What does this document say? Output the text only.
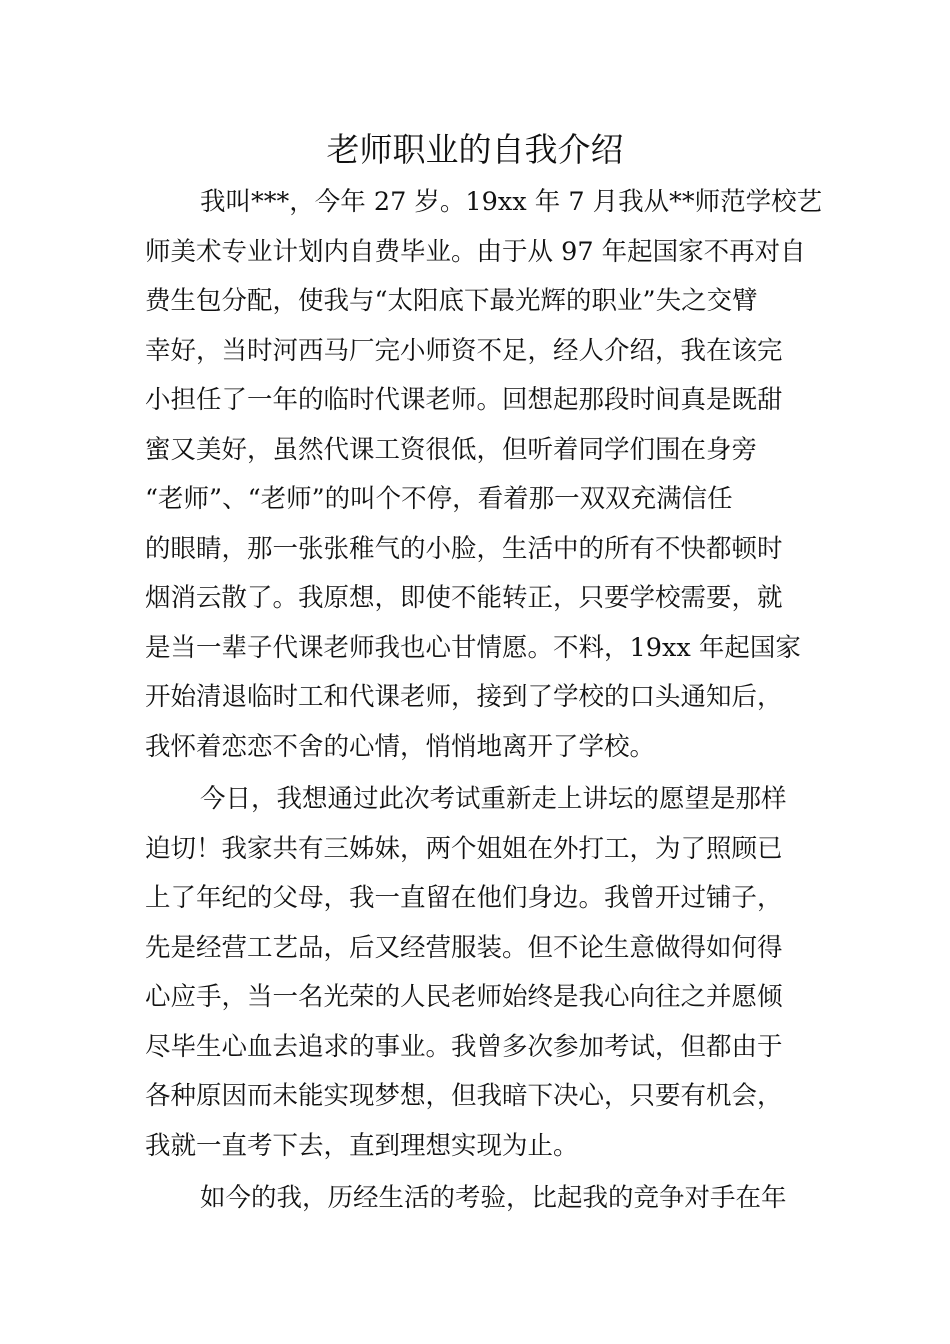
老师职业的自我介绍
我叫***，今年 27 岁。19xx 年 7 月我从**师范学校艺
师美术专业计划内自费毕业。由于从 97 年起国家不再对自
费生包分配，使我与“太阳底下最光辉的职业”失之交臂
幸好，当时河西马厂完小师资不足，经人介绍，我在该完
小担任了一年的临时代课老师。回想起那段时间真是既甜
蜜又美好，虽然代课工资很低，但听着同学们围在身旁
“老师”、“老师”的叫个不停，看着那一双双充满信任
的眼睛，那一张张稚气的小脸，生活中的所有不快都顿时
烟消云散了。我原想，即使不能转正，只要学校需要，就
是当一辈子代课老师我也心甘情愿。不料，19xx 年起国家
开始清退临时工和代课老师，接到了学校的口头通知后，
我怀着恋恋不舍的心情，悄悄地离开了学校。
今日，我想通过此次考试重新走上讲坛的愿望是那样
迫切！我家共有三姊妹，两个姐姐在外打工，为了照顾已
上了年纪的父母，我一直留在他们身边。我曾开过铺子，
先是经营工艺品，后又经营服装。但不论生意做得如何得
心应手，当一名光荣的人民老师始终是我心向往之并愿倾
尽毕生心血去追求的事业。我曾多次参加考试，但都由于
各种原因而未能实现梦想，但我暗下决心，只要有机会，
我就一直考下去，直到理想实现为止。
如今的我，历经生活的考验，比起我的竞争对手在年
